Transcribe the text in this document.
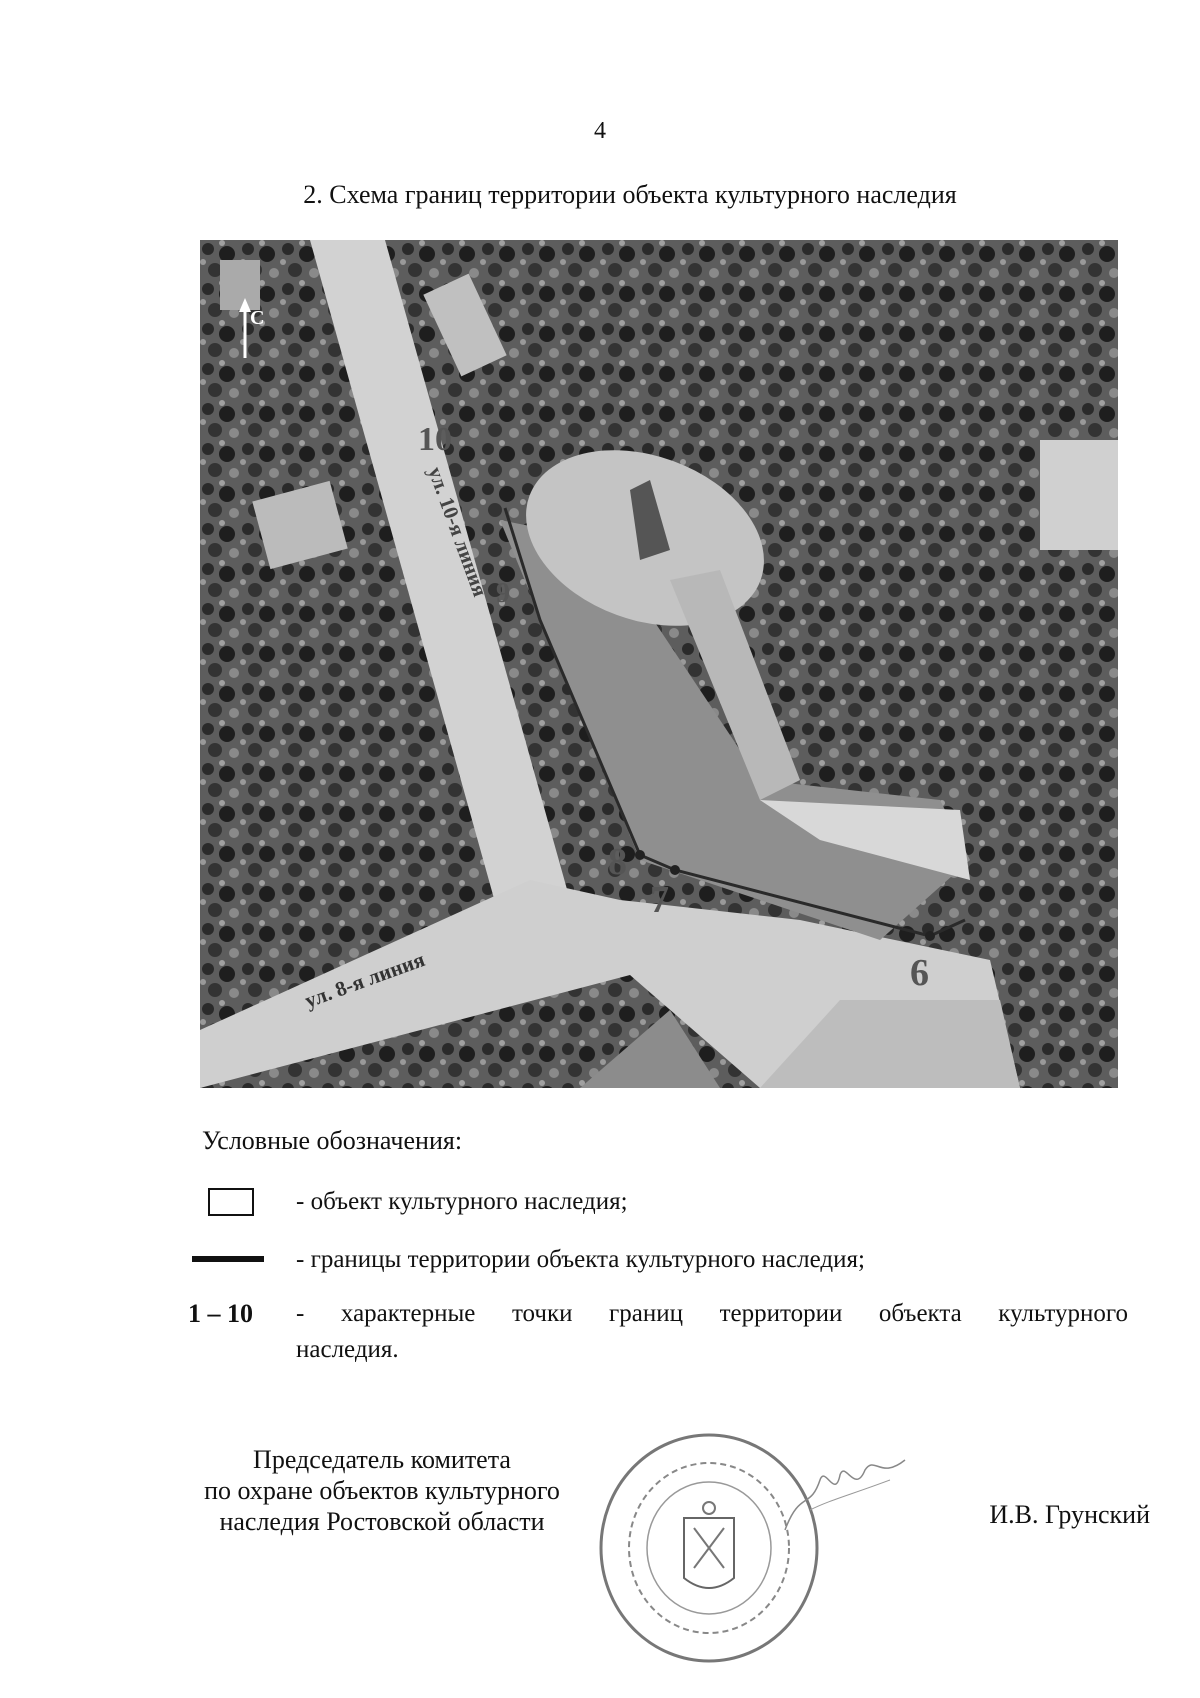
4
2. Схема границ территории объекта культурного наследия
С
10
9
8
7
6
ул. 10-я линия
ул. 8-я линия
Условные обозначения:
- объект культурного наследия;
- границы территории объекта культурного наследия;
1 – 10 - характерные точки границ территории объекта культурного
наследия.
Председатель комитета
по охране объектов культурного
наследия Ростовской области	И.В. Грунский
